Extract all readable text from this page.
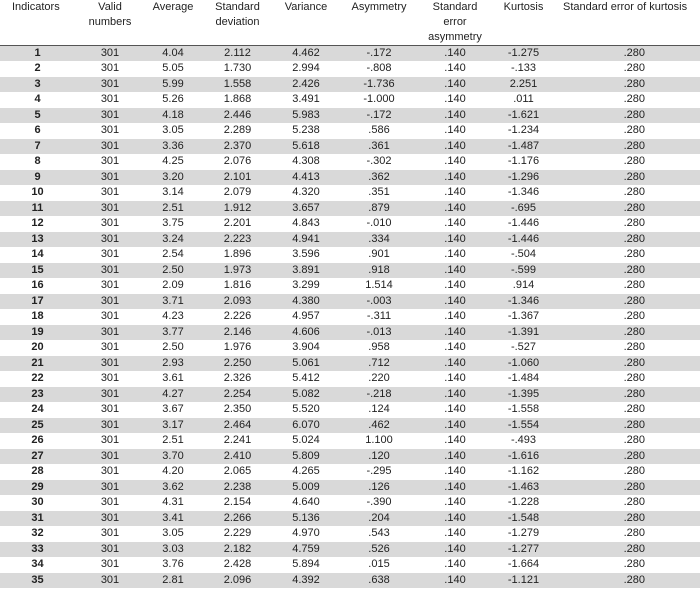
Indicators	Valid numbers	Average	Standard deviation	Variance	Asymmetry	Standard error asymmetry	Kurtosis	Standard error of kurtosis
1	301	4.04	2.112	4.462	-.172	.140	-1.275	.280
2	301	5.05	1.730	2.994	-.808	.140	-.133	.280
3	301	5.99	1.558	2.426	-1.736	.140	2.251	.280
4	301	5.26	1.868	3.491	-1.000	.140	.011	.280
5	301	4.18	2.446	5.983	-.172	.140	-1.621	.280
6	301	3.05	2.289	5.238	.586	.140	-1.234	.280
7	301	3.36	2.370	5.618	.361	.140	-1.487	.280
8	301	4.25	2.076	4.308	-.302	.140	-1.176	.280
9	301	3.20	2.101	4.413	.362	.140	-1.296	.280
10	301	3.14	2.079	4.320	.351	.140	-1.346	.280
11	301	2.51	1.912	3.657	.879	.140	-.695	.280
12	301	3.75	2.201	4.843	-.010	.140	-1.446	.280
13	301	3.24	2.223	4.941	.334	.140	-1.446	.280
14	301	2.54	1.896	3.596	.901	.140	-.504	.280
15	301	2.50	1.973	3.891	.918	.140	-.599	.280
16	301	2.09	1.816	3.299	1.514	.140	.914	.280
17	301	3.71	2.093	4.380	-.003	.140	-1.346	.280
18	301	4.23	2.226	4.957	-.311	.140	-1.367	.280
19	301	3.77	2.146	4.606	-.013	.140	-1.391	.280
20	301	2.50	1.976	3.904	.958	.140	-.527	.280
21	301	2.93	2.250	5.061	.712	.140	-1.060	.280
22	301	3.61	2.326	5.412	.220	.140	-1.484	.280
23	301	4.27	2.254	5.082	-.218	.140	-1.395	.280
24	301	3.67	2.350	5.520	.124	.140	-1.558	.280
25	301	3.17	2.464	6.070	.462	.140	-1.554	.280
26	301	2.51	2.241	5.024	1.100	.140	-.493	.280
27	301	3.70	2.410	5.809	.120	.140	-1.616	.280
28	301	4.20	2.065	4.265	-.295	.140	-1.162	.280
29	301	3.62	2.238	5.009	.126	.140	-1.463	.280
30	301	4.31	2.154	4.640	-.390	.140	-1.228	.280
31	301	3.41	2.266	5.136	.204	.140	-1.548	.280
32	301	3.05	2.229	4.970	.543	.140	-1.279	.280
33	301	3.03	2.182	4.759	.526	.140	-1.277	.280
34	301	3.76	2.428	5.894	.015	.140	-1.664	.280
35	301	2.81	2.096	4.392	.638	.140	-1.121	.280
